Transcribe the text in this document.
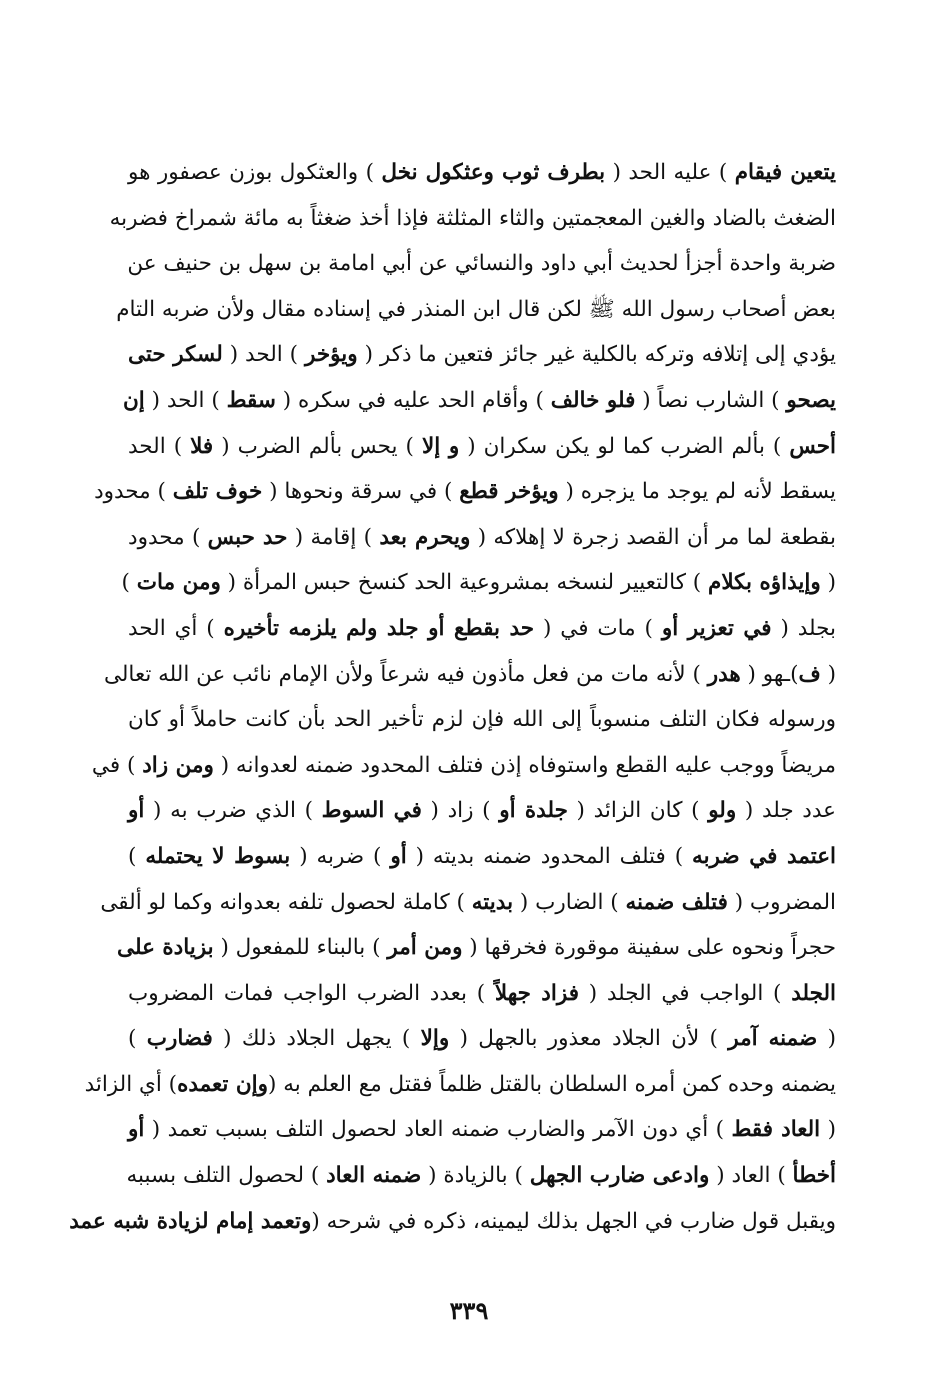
يتعين فيقام ) عليه الحد ( بطرف ثوب وعثكول نخل ) والعثكول بوزن عصفور هو
الضغث بالضاد والغين المعجمتين والثاء المثلثة فإذا أخذ ضغثاً به مائة شمراخ فضربه
ضربة واحدة أجزأ لحديث أبي داود والنسائي عن أبي امامة بن سهل بن حنيف عن
بعض أصحاب رسول الله ﷺ لكن قال ابن المنذر في إسناده مقال ولأن ضربه التام
يؤدي إلى إتلافه وتركه بالكلية غير جائز فتعين ما ذكر ( ويؤخر ) الحد ( لسكر حتى
يصحو ) الشارب نصاً ( فلو خالف ) وأقام الحد عليه في سكره ( سقط ) الحد ( إن
أحس ) بألم الضرب كما لو يكن سكران ( و إلا ) يحس بألم الضرب ( فلا ) الحد
يسقط لأنه لم يوجد ما يزجره ( ويؤخر قطع ) في سرقة ونحوها ( خوف تلف ) محدود
بقطعة لما مر أن القصد زجرة لا إهلاكه ( ويحرم بعد ) إقامة ( حد حبس ) محدود
( وإيذاؤه بكلام ) كالتعيير لنسخه بمشروعية الحد كنسخ حبس المرأة ( ومن مات )
بجلد ( في تعزير أو ) مات في ( حد بقطع أو جلد ولم يلزمه تأخيره ) أي الحد
( ف)ـهو ( هدر ) لأنه مات من فعل مأذون فيه شرعاً ولأن الإمام نائب عن الله تعالى
ورسوله فكان التلف منسوباً إلى الله فإن لزم تأخير الحد بأن كانت حاملاً أو كان
مريضاً ووجب عليه القطع واستوفاه إذن فتلف المحدود ضمنه لعدوانه ( ومن زاد ) في
عدد جلد ( ولو ) كان الزائد ( جلدة أو ) زاد ( في السوط ) الذي ضرب به ( أو
اعتمد في ضربه ) فتلف المحدود ضمنه بديته ( أو ) ضربه ( بسوط لا يحتمله )
المضروب ( فتلف ضمنه ) الضارب ( بديته ) كاملة لحصول تلفه بعدوانه وكما لو ألقى
حجراً ونحوه على سفينة موقورة فخرقها ( ومن أمر ) بالبناء للمفعول ( بزيادة على
الجلد ) الواجب في الجلد ( فزاد جهلاً ) بعدد الضرب الواجب فمات المضروب
( ضمنه آمر ) لأن الجلاد معذور بالجهل ( وإلا ) يجهل الجلاد ذلك ( فضارب )
يضمنه وحده كمن أمره السلطان بالقتل ظلماً فقتل مع العلم به (وإن تعمده) أي الزائد
( العاد فقط ) أي دون الآمر والضارب ضمنه العاد لحصول التلف بسبب تعمد ( أو
أخطأ ) العاد ( وادعى ضارب الجهل ) بالزيادة ( ضمنه العاد ) لحصول التلف بسببه
ويقبل قول ضارب في الجهل بذلك ليمينه، ذكره في شرحه (وتعمد إمام لزيادة شبه عمد
٣٣٩
